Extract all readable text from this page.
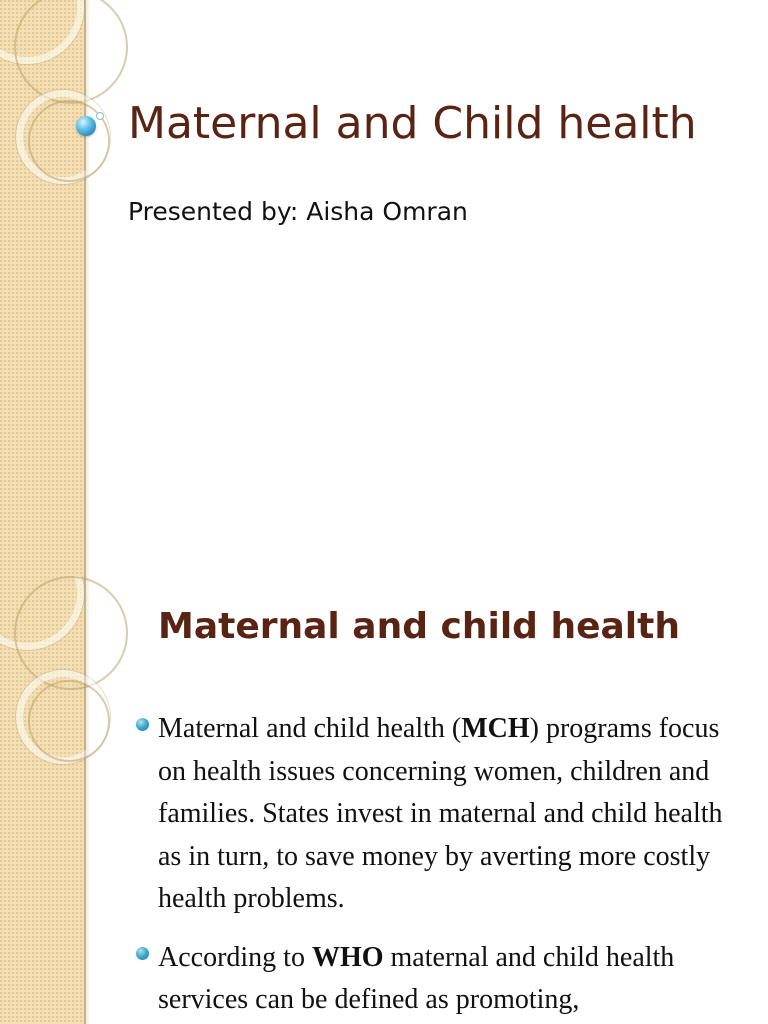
Maternal and Child health

Presented by: Aisha Omran

Maternal and child health
Maternal and child health (MCH) programs focus on health issues concerning women, children and families. States invest in maternal and child health as in turn, to save money by averting more costly health problems.
According to WHO maternal and child health services can be defined as promoting,
